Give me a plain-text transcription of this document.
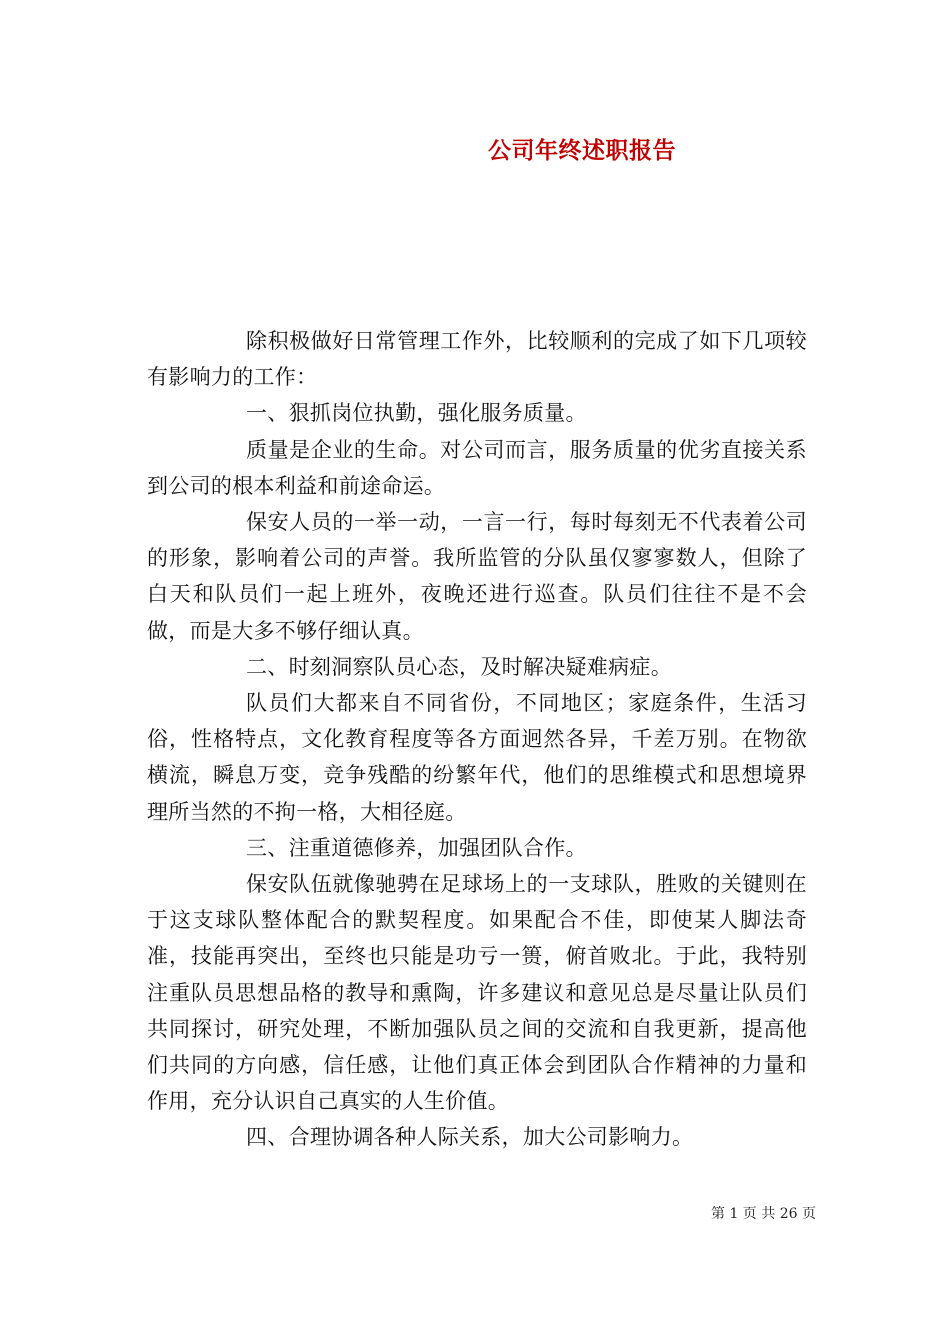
公司年终述职报告

除积极做好日常管理工作外，比较顺利的完成了如下几项较有影响力的工作：

一、狠抓岗位执勤，强化服务质量。

质量是企业的生命。对公司而言，服务质量的优劣直接关系到公司的根本利益和前途命运。

保安人员的一举一动，一言一行，每时每刻无不代表着公司的形象，影响着公司的声誉。我所监管的分队虽仅寥寥数人，但除了白天和队员们一起上班外，夜晚还进行巡查。队员们往往不是不会做，而是大多不够仔细认真。

二、时刻洞察队员心态，及时解决疑难病症。

队员们大都来自不同省份，不同地区；家庭条件，生活习俗，性格特点，文化教育程度等各方面迥然各异，千差万别。在物欲横流，瞬息万变，竞争残酷的纷繁年代，他们的思维模式和思想境界理所当然的不拘一格，大相径庭。

三、注重道德修养，加强团队合作。

保安队伍就像驰骋在足球场上的一支球队，胜败的关键则在于这支球队整体配合的默契程度。如果配合不佳，即使某人脚法奇准，技能再突出，至终也只能是功亏一篑，俯首败北。于此，我特别注重队员思想品格的教导和熏陶，许多建议和意见总是尽量让队员们共同探讨，研究处理，不断加强队员之间的交流和自我更新，提高他们共同的方向感，信任感，让他们真正体会到团队合作精神的力量和作用，充分认识自己真实的人生价值。

四、合理协调各种人际关系，加大公司影响力。

第 1 页 共 26 页
